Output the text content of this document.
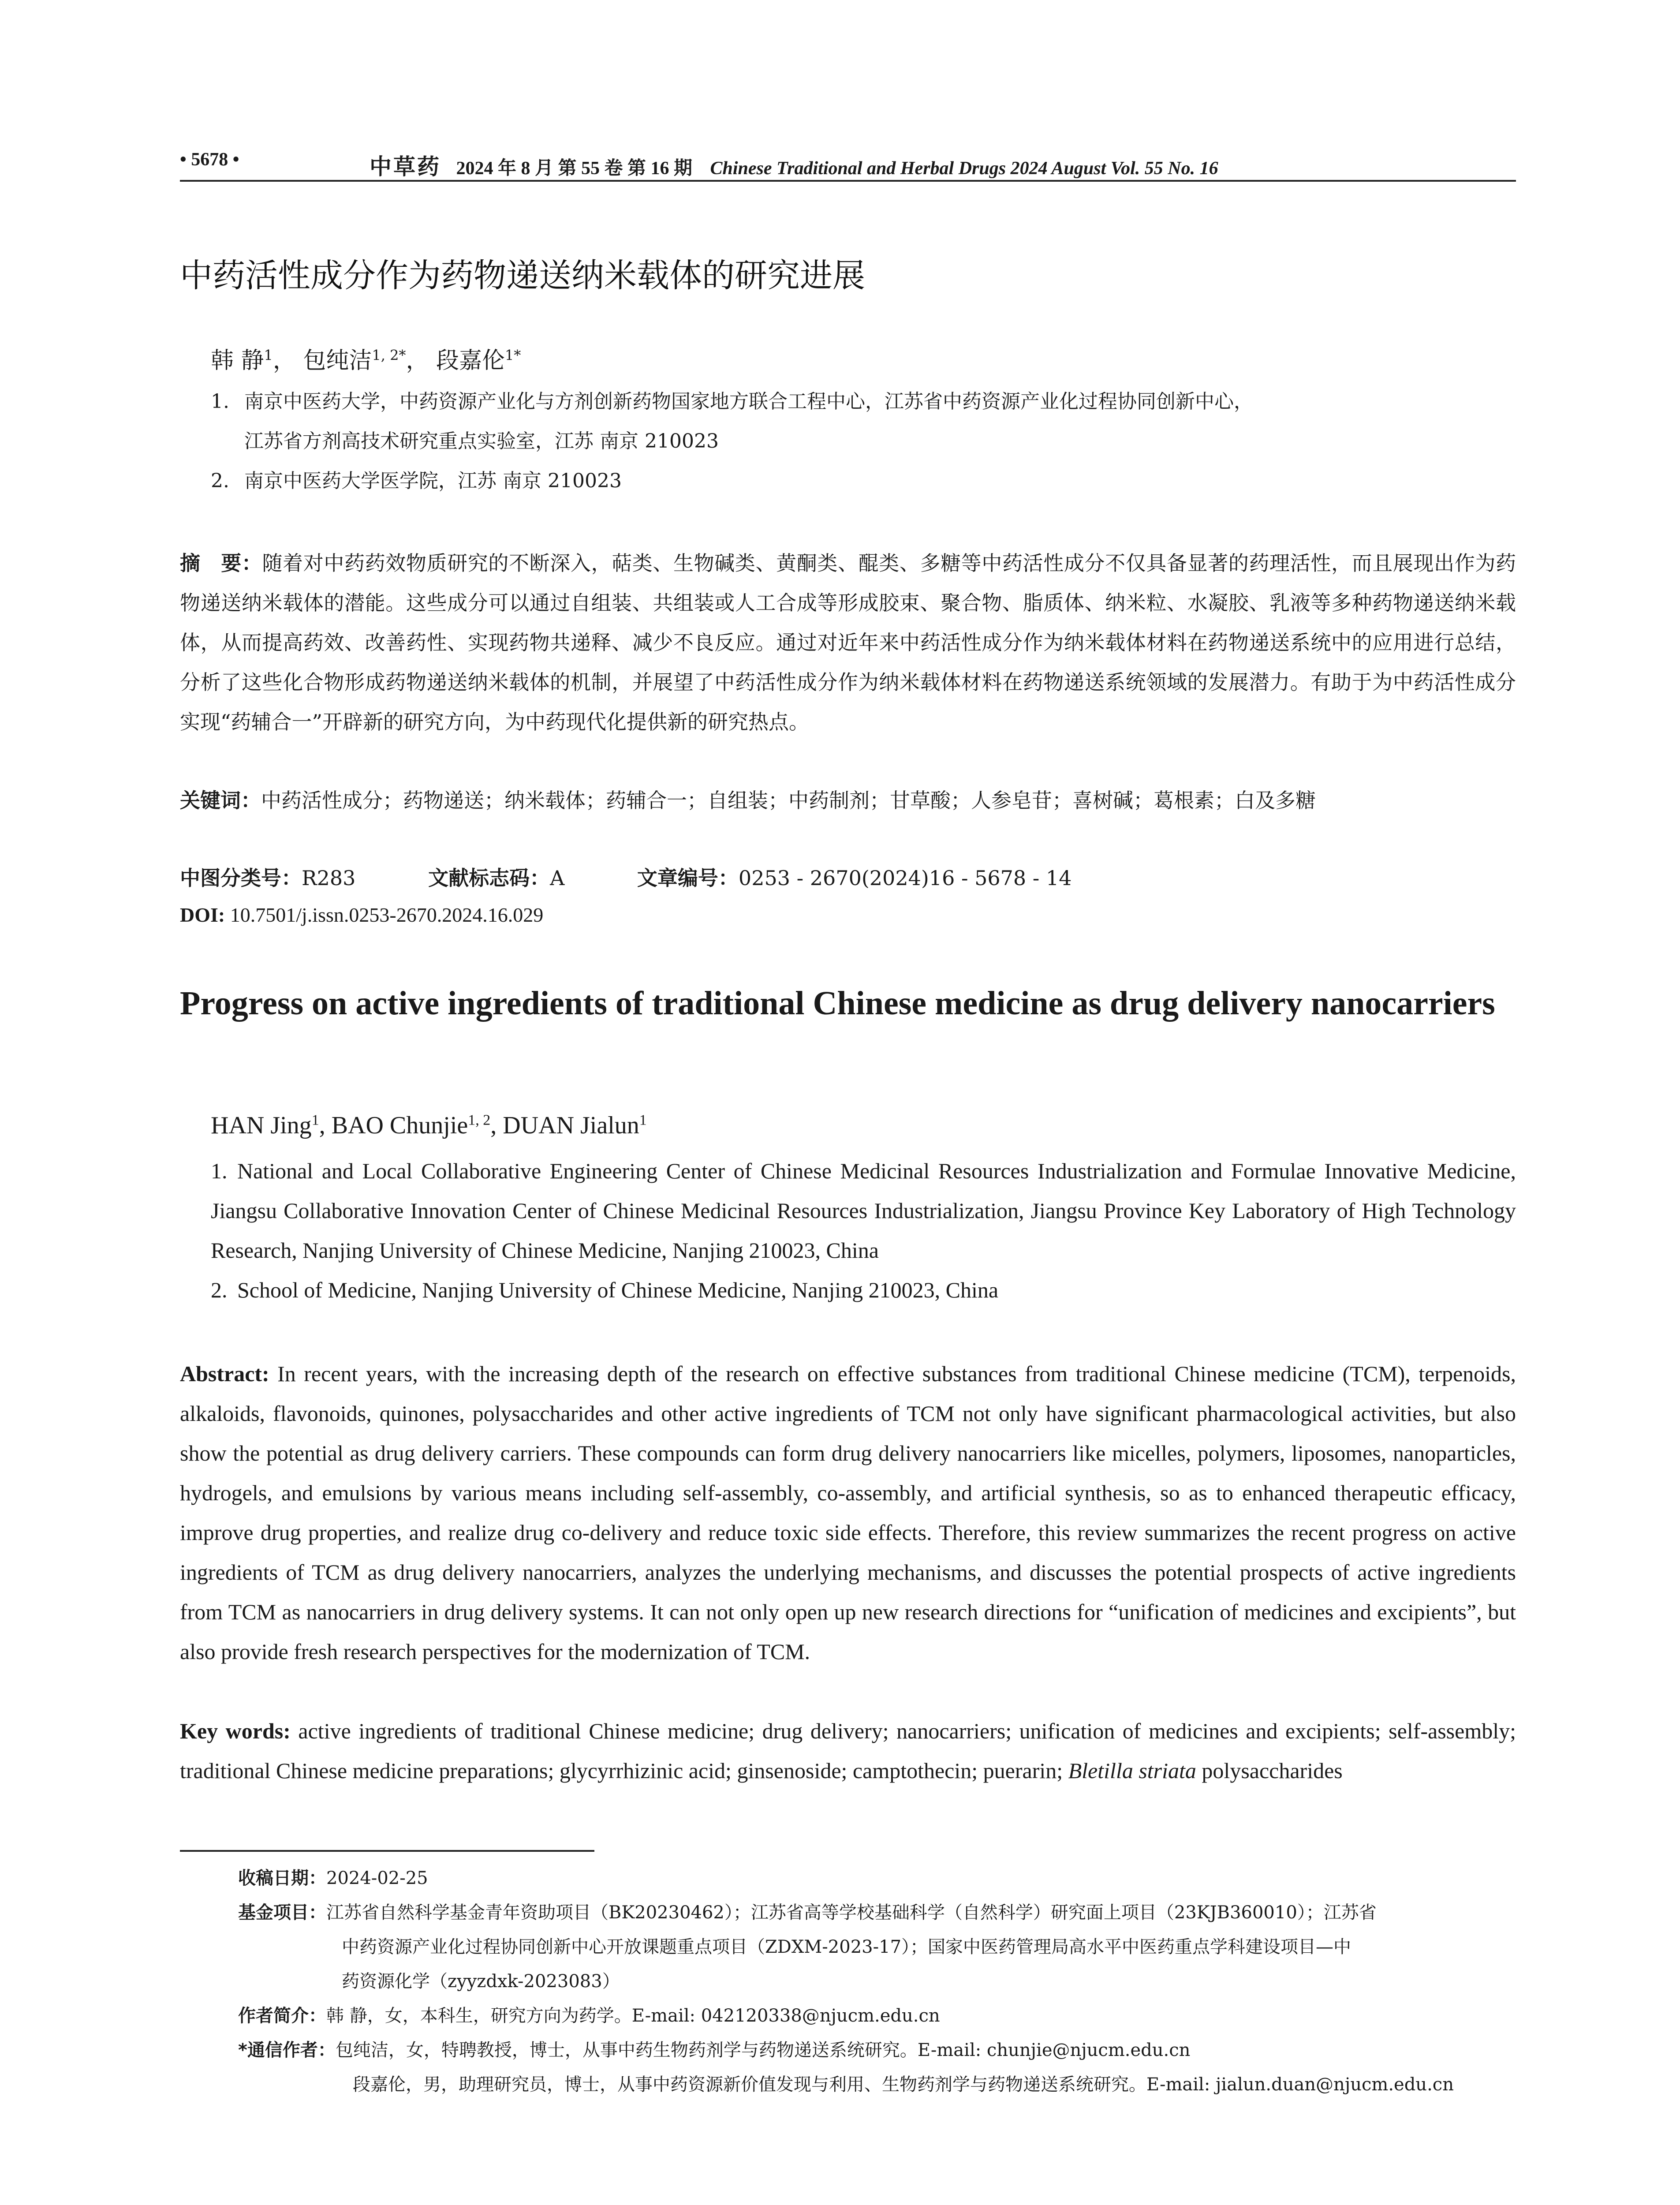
• 5678 •	中草药 2024 年 8 月 第 55 卷 第 16 期 Chinese Traditional and Herbal Drugs 2024 August Vol. 55 No. 16
中药活性成分作为药物递送纳米载体的研究进展
韩 静$^1$， 包纯洁$^{1, 2*}$， 段嘉伦$^{1*}$
1. 南京中医药大学，中药资源产业化与方剂创新药物国家地方联合工程中心，江苏省中药资源产业化过程协同创新中心，
江苏省方剂高技术研究重点实验室，江苏 南京 210023
2. 南京中医药大学医学院，江苏 南京 210023
摘　要：随着对中药药效物质研究的不断深入，萜类、生物碱类、黄酮类、醌类、多糖等中药活性成分不仅具备显著的药理活性，而且展现出作为药物递送纳米载体的潜能。这些成分可以通过自组装、共组装或人工合成等形成胶束、聚合物、脂质体、纳米粒、水凝胶、乳液等多种药物递送纳米载体，从而提高药效、改善药性、实现药物共递释、减少不良反应。通过对近年来中药活性成分作为纳米载体材料在药物递送系统中的应用进行总结，分析了这些化合物形成药物递送纳米载体的机制，并展望了中药活性成分作为纳米载体材料在药物递送系统领域的发展潜力。有助于为中药活性成分实现“药辅合一”开辟新的研究方向，为中药现代化提供新的研究热点。
关键词：中药活性成分；药物递送；纳米载体；药辅合一；自组装；中药制剂；甘草酸；人参皂苷；喜树碱；葛根素；白及多糖
中图分类号：R283	文献标志码：A	文章编号：0253 - 2670(2024)16 - 5678 - 14
DOI: 10.7501/j.issn.0253-2670.2024.16.029
Progress on active ingredients of traditional Chinese medicine as drug delivery nanocarriers
HAN Jing$^1$, BAO Chunjie$^{1, 2}$, DUAN Jialun$^1$
1. National and Local Collaborative Engineering Center of Chinese Medicinal Resources Industrialization and Formulae Innovative Medicine, Jiangsu Collaborative Innovation Center of Chinese Medicinal Resources Industrialization, Jiangsu Province Key Laboratory of High Technology Research, Nanjing University of Chinese Medicine, Nanjing 210023, China
2. School of Medicine, Nanjing University of Chinese Medicine, Nanjing 210023, China
Abstract: In recent years, with the increasing depth of the research on effective substances from traditional Chinese medicine (TCM), terpenoids, alkaloids, flavonoids, quinones, polysaccharides and other active ingredients of TCM not only have significant pharmacological activities, but also show the potential as drug delivery carriers. These compounds can form drug delivery nanocarriers like micelles, polymers, liposomes, nanoparticles, hydrogels, and emulsions by various means including self-assembly, co-assembly, and artificial synthesis, so as to enhanced therapeutic efficacy, improve drug properties, and realize drug co-delivery and reduce toxic side effects. Therefore, this review summarizes the recent progress on active ingredients of TCM as drug delivery nanocarriers, analyzes the underlying mechanisms, and discusses the potential prospects of active ingredients from TCM as nanocarriers in drug delivery systems. It can not only open up new research directions for “unification of medicines and excipients”, but also provide fresh research perspectives for the modernization of TCM.
Key words: active ingredients of traditional Chinese medicine; drug delivery; nanocarriers; unification of medicines and excipients; self-assembly; traditional Chinese medicine preparations; glycyrrhizinic acid; ginsenoside; camptothecin; puerarin; Bletilla striata polysaccharides
收稿日期：2024-02-25
基金项目：江苏省自然科学基金青年资助项目（BK20230462）；江苏省高等学校基础科学（自然科学）研究面上项目（23KJB360010）；江苏省
中药资源产业化过程协同创新中心开放课题重点项目（ZDXM-2023-17）；国家中医药管理局高水平中医药重点学科建设项目—中
药资源化学（zyyzdxk-2023083）
作者简介：韩 静，女，本科生，研究方向为药学。E-mail: 042120338@njucm.edu.cn
*通信作者：包纯洁，女，特聘教授，博士，从事中药生物药剂学与药物递送系统研究。E-mail: chunjie@njucm.edu.cn
段嘉伦，男，助理研究员，博士，从事中药资源新价值发现与利用、生物药剂学与药物递送系统研究。E-mail: jialun.duan@njucm.edu.cn
